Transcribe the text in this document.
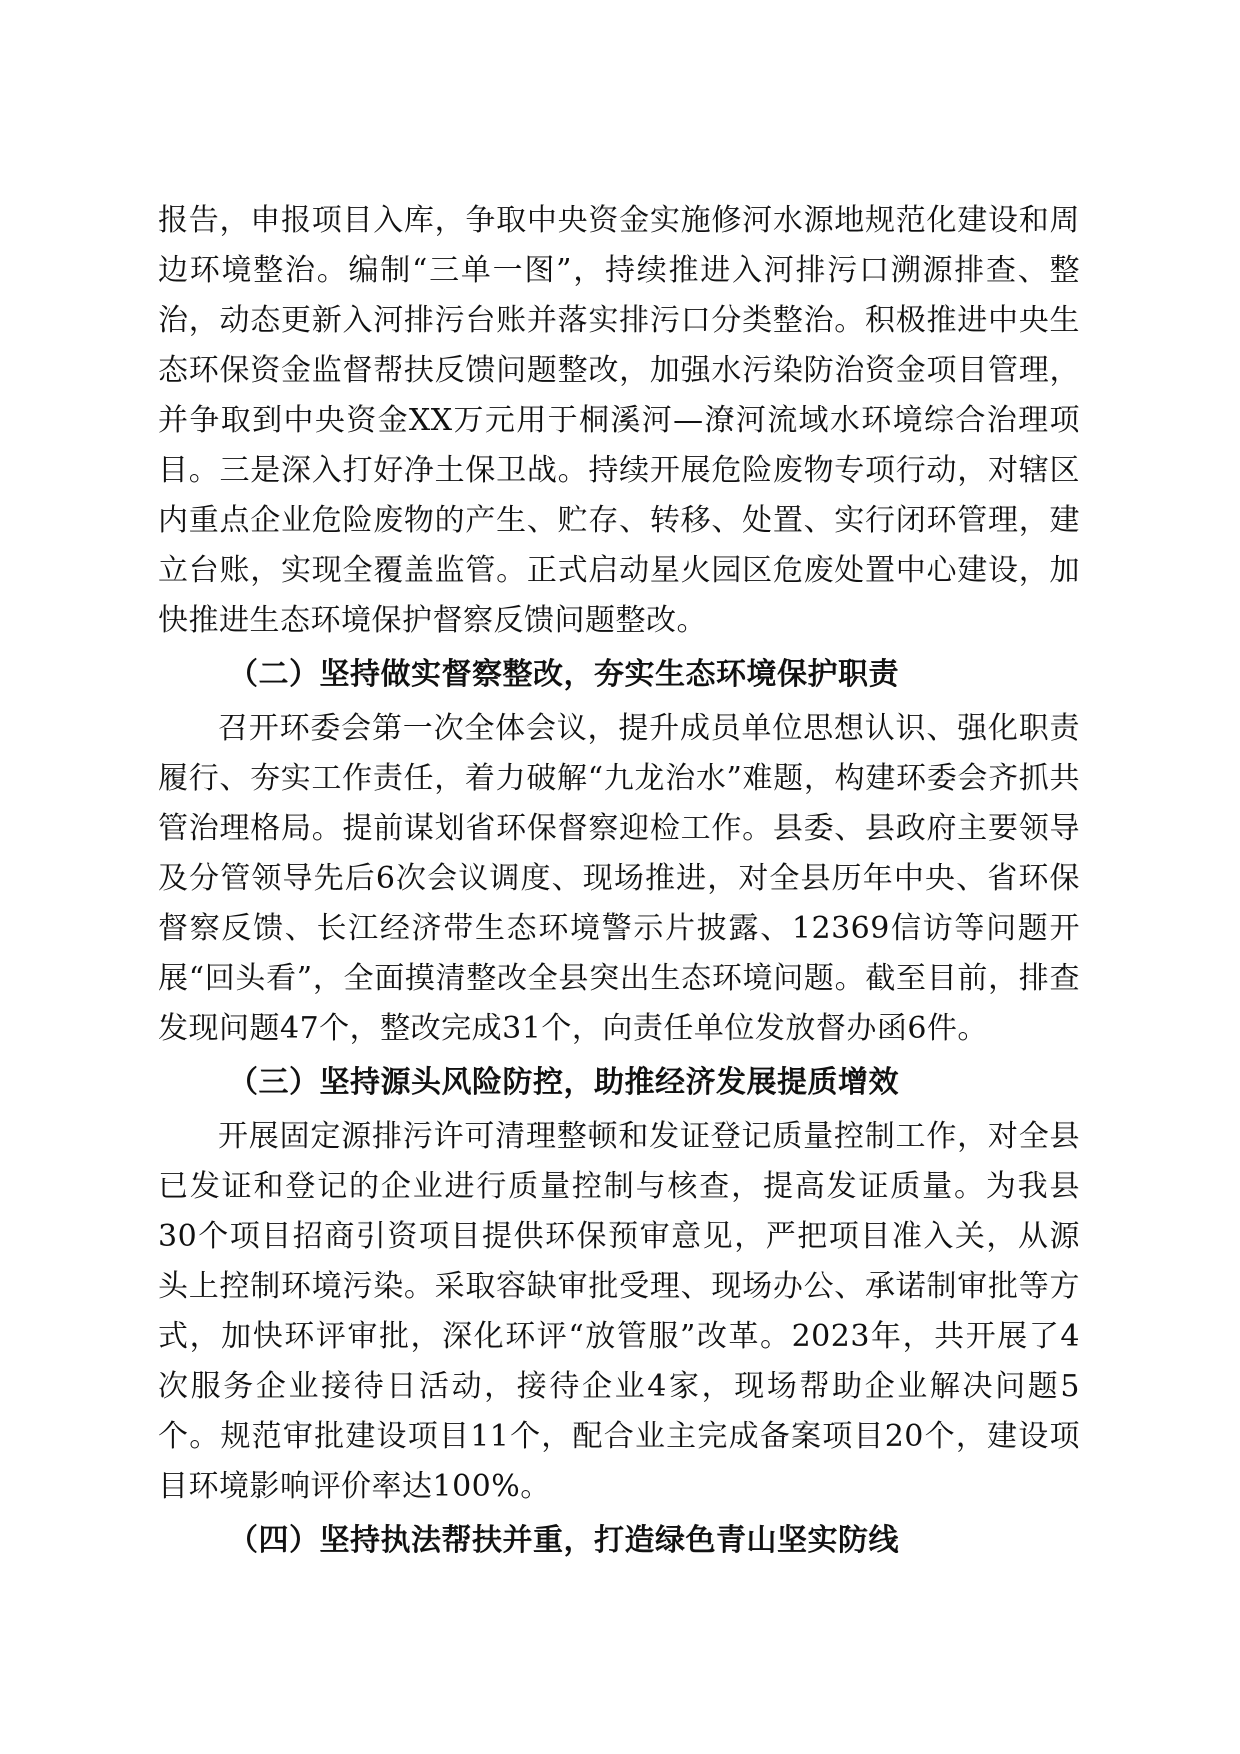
报告，申报项目入库，争取中央资金实施修河水源地规范化建设和周边环境整治。编制“三单一图”，持续推进入河排污口溯源排查、整治，动态更新入河排污台账并落实排污口分类整治。积极推进中央生态环保资金监督帮扶反馈问题整改，加强水污染防治资金项目管理，并争取到中央资金XX万元用于桐溪河—潦河流域水环境综合治理项目。三是深入打好净土保卫战。持续开展危险废物专项行动，对辖区内重点企业危险废物的产生、贮存、转移、处置、实行闭环管理，建立台账，实现全覆盖监管。正式启动星火园区危废处置中心建设，加快推进生态环境保护督察反馈问题整改。

（二）坚持做实督察整改，夯实生态环境保护职责

召开环委会第一次全体会议，提升成员单位思想认识、强化职责履行、夯实工作责任，着力破解“九龙治水”难题，构建环委会齐抓共管治理格局。提前谋划省环保督察迎检工作。县委、县政府主要领导及分管领导先后6次会议调度、现场推进，对全县历年中央、省环保督察反馈、长江经济带生态环境警示片披露、12369信访等问题开展“回头看”，全面摸清整改全县突出生态环境问题。截至目前，排查发现问题47个，整改完成31个，向责任单位发放督办函6件。

（三）坚持源头风险防控，助推经济发展提质增效

开展固定源排污许可清理整顿和发证登记质量控制工作，对全县已发证和登记的企业进行质量控制与核查，提高发证质量。为我县30个项目招商引资项目提供环保预审意见，严把项目准入关，从源头上控制环境污染。采取容缺审批受理、现场办公、承诺制审批等方式，加快环评审批，深化环评“放管服”改革。2023年，共开展了4次服务企业接待日活动，接待企业4家，现场帮助企业解决问题5个。规范审批建设项目11个，配合业主完成备案项目20个，建设项目环境影响评价率达100%。

（四）坚持执法帮扶并重，打造绿色青山坚实防线
